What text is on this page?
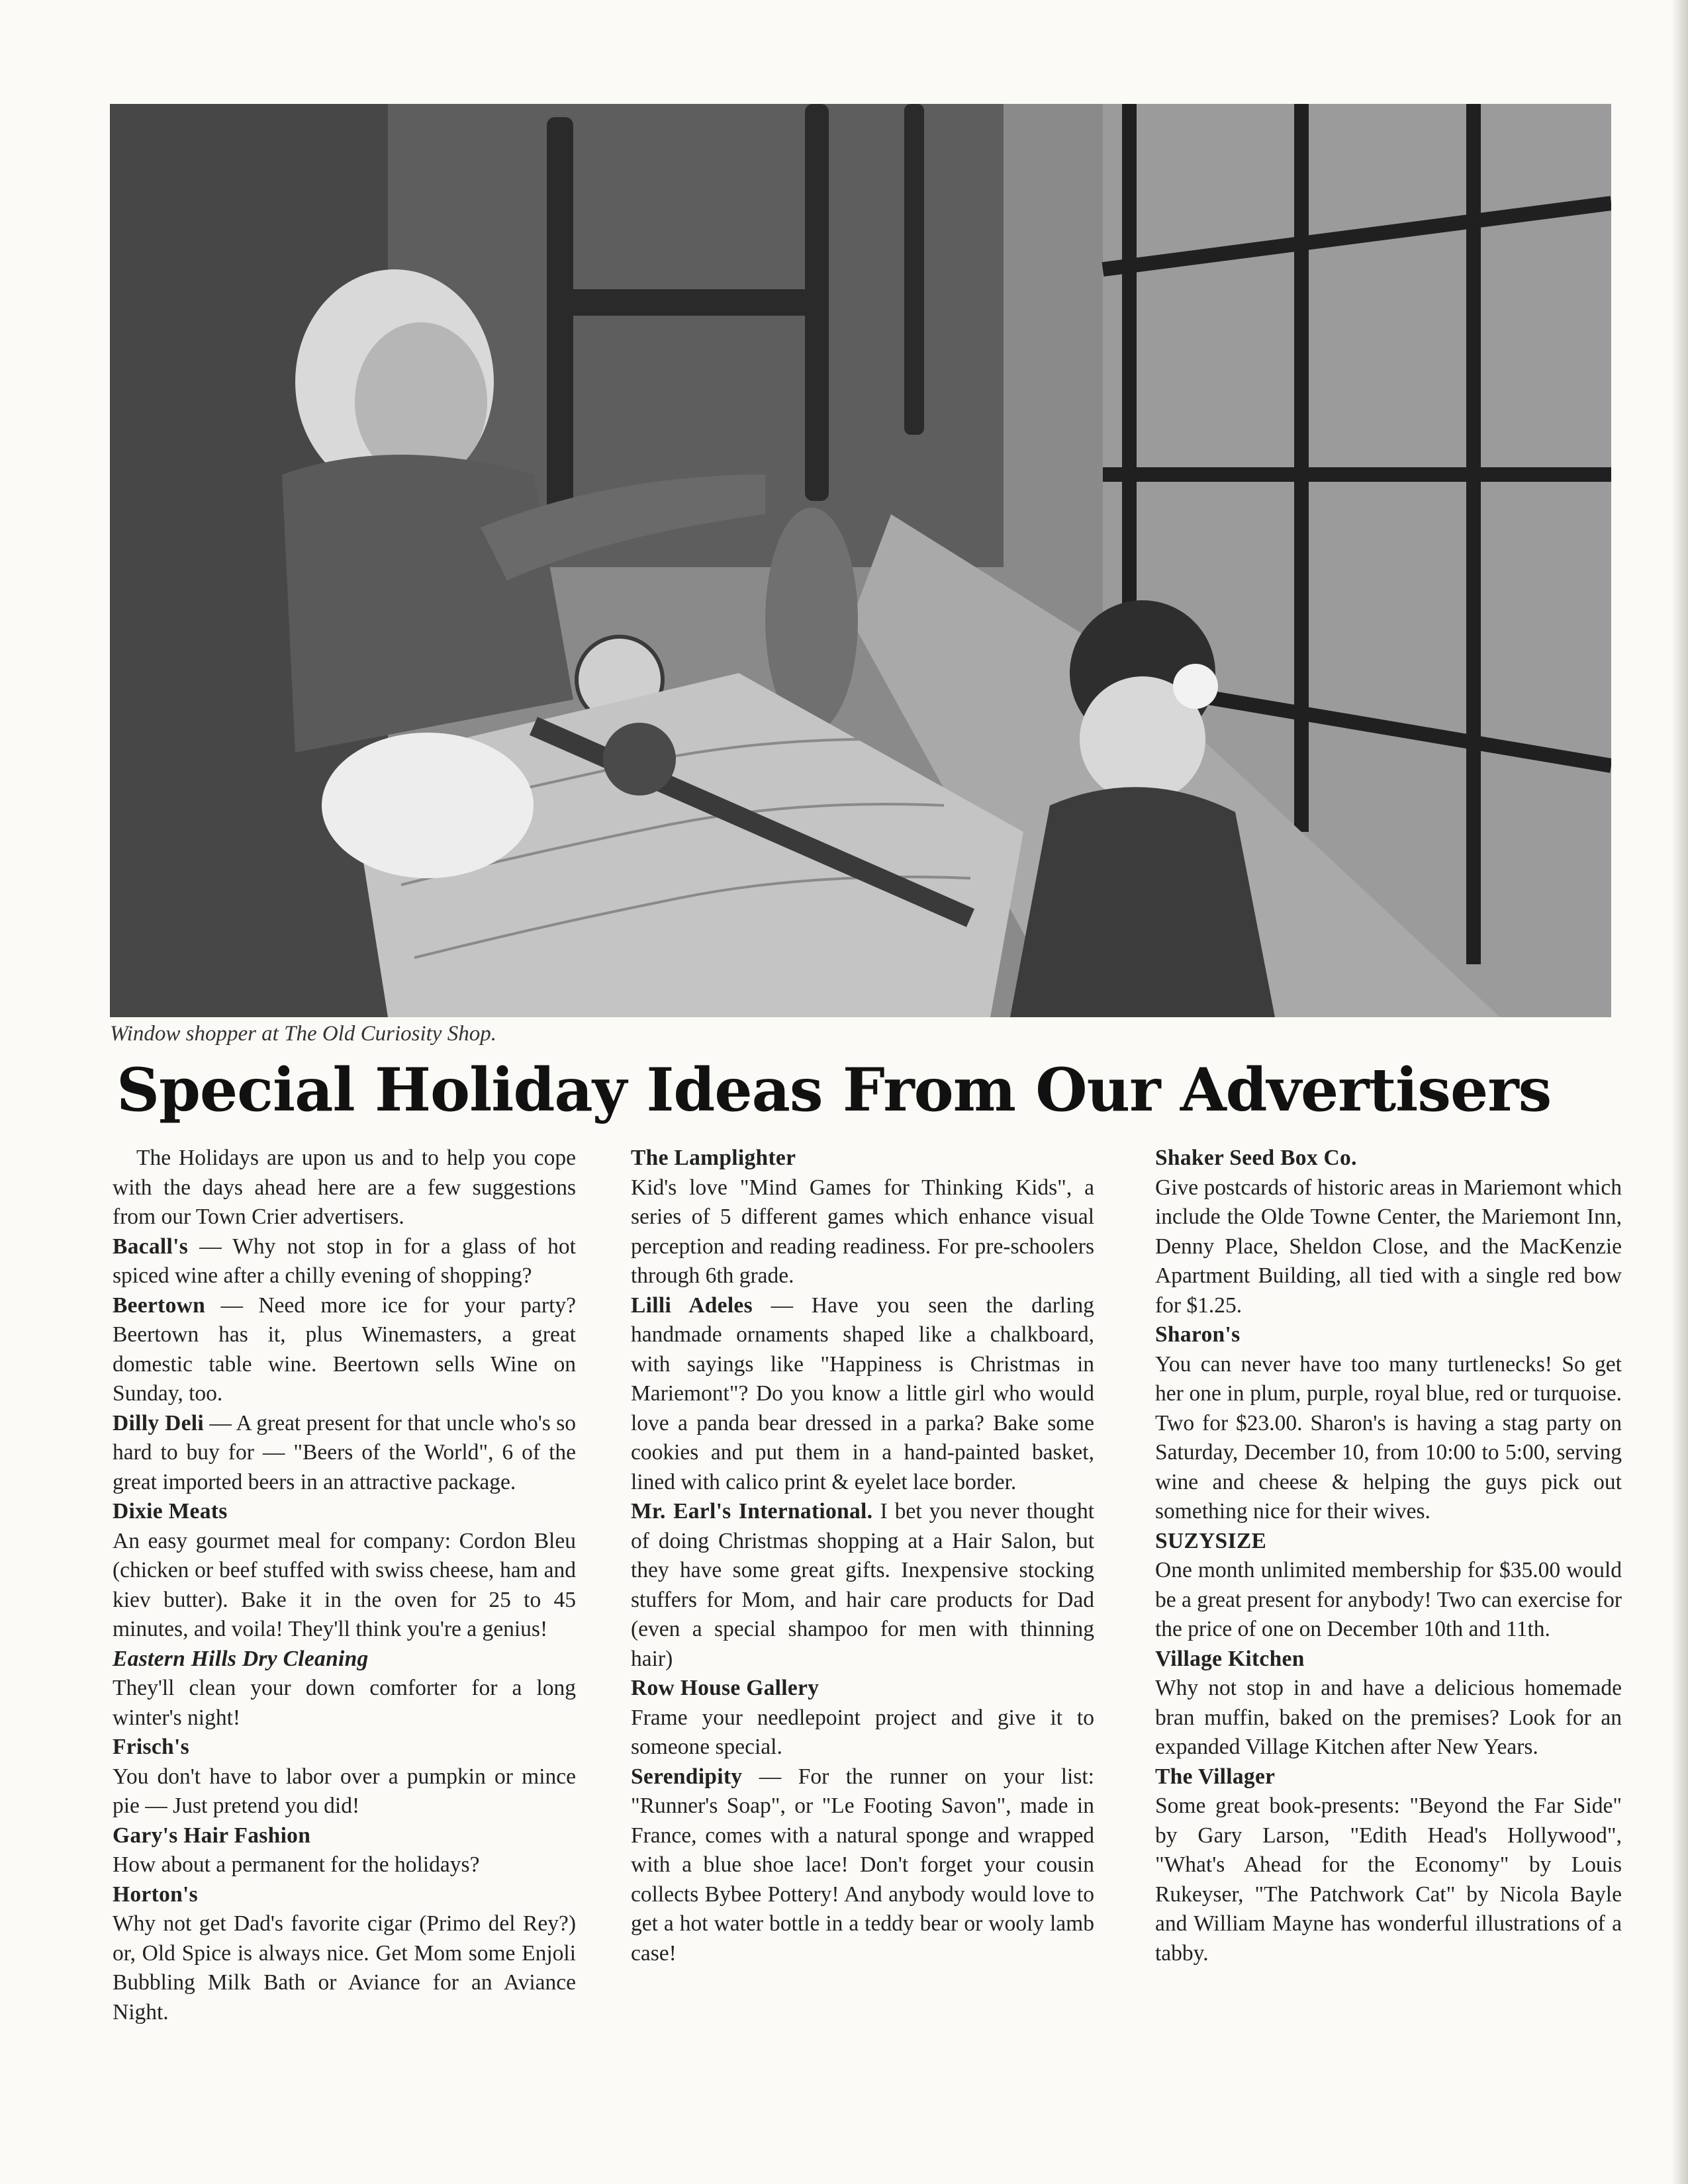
Window shopper at The Old Curiosity Shop.

Special Holiday Ideas From Our Advertisers

The Holidays are upon us and to help you cope with the days ahead here are a few suggestions from our Town Crier advertisers.

Bacall's — Why not stop in for a glass of hot spiced wine after a chilly evening of shopping?

Beertown — Need more ice for your party? Beertown has it, plus Winemasters, a great domestic table wine. Beertown sells Wine on Sunday, too.

Dilly Deli — A great present for that uncle who's so hard to buy for — "Beers of the World", 6 of the great imported beers in an attractive package.

Dixie Meats

An easy gourmet meal for company: Cordon Bleu (chicken or beef stuffed with swiss cheese, ham and kiev butter). Bake it in the oven for 25 to 45 minutes, and voila! They'll think you're a genius!

Eastern Hills Dry Cleaning

They'll clean your down comforter for a long winter's night!

Frisch's

You don't have to labor over a pumpkin or mince pie — Just pretend you did!

Gary's Hair Fashion

How about a permanent for the holidays?

Horton's

Why not get Dad's favorite cigar (Primo del Rey?) or, Old Spice is always nice. Get Mom some Enjoli Bubbling Milk Bath or Aviance for an Aviance Night.

The Lamplighter

Kid's love "Mind Games for Thinking Kids", a series of 5 different games which enhance visual perception and reading readiness. For pre-schoolers through 6th grade.

Lilli Adeles — Have you seen the darling handmade ornaments shaped like a chalkboard, with sayings like "Happiness is Christmas in Mariemont"? Do you know a little girl who would love a panda bear dressed in a parka? Bake some cookies and put them in a hand-painted basket, lined with calico print & eyelet lace border.

Mr. Earl's International. I bet you never thought of doing Christmas shopping at a Hair Salon, but they have some great gifts. Inexpensive stocking stuffers for Mom, and hair care products for Dad (even a special shampoo for men with thinning hair)

Row House Gallery

Frame your needlepoint project and give it to someone special.

Serendipity — For the runner on your list: "Runner's Soap", or "Le Footing Savon", made in France, comes with a natural sponge and wrapped with a blue shoe lace! Don't forget your cousin collects Bybee Pottery! And anybody would love to get a hot water bottle in a teddy bear or wooly lamb case!

Shaker Seed Box Co.

Give postcards of historic areas in Mariemont which include the Olde Towne Center, the Mariemont Inn, Denny Place, Sheldon Close, and the MacKenzie Apartment Building, all tied with a single red bow for $1.25.

Sharon's

You can never have too many turtlenecks! So get her one in plum, purple, royal blue, red or turquoise. Two for $23.00. Sharon's is having a stag party on Saturday, December 10, from 10:00 to 5:00, serving wine and cheese & helping the guys pick out something nice for their wives.

SUZYSIZE

One month unlimited membership for $35.00 would be a great present for anybody! Two can exercise for the price of one on December 10th and 11th.

Village Kitchen

Why not stop in and have a delicious homemade bran muffin, baked on the premises? Look for an expanded Village Kitchen after New Years.

The Villager

Some great book-presents: "Beyond the Far Side" by Gary Larson, "Edith Head's Hollywood", "What's Ahead for the Economy" by Louis Rukeyser, "The Patchwork Cat" by Nicola Bayle and William Mayne has wonderful illustrations of a tabby.
